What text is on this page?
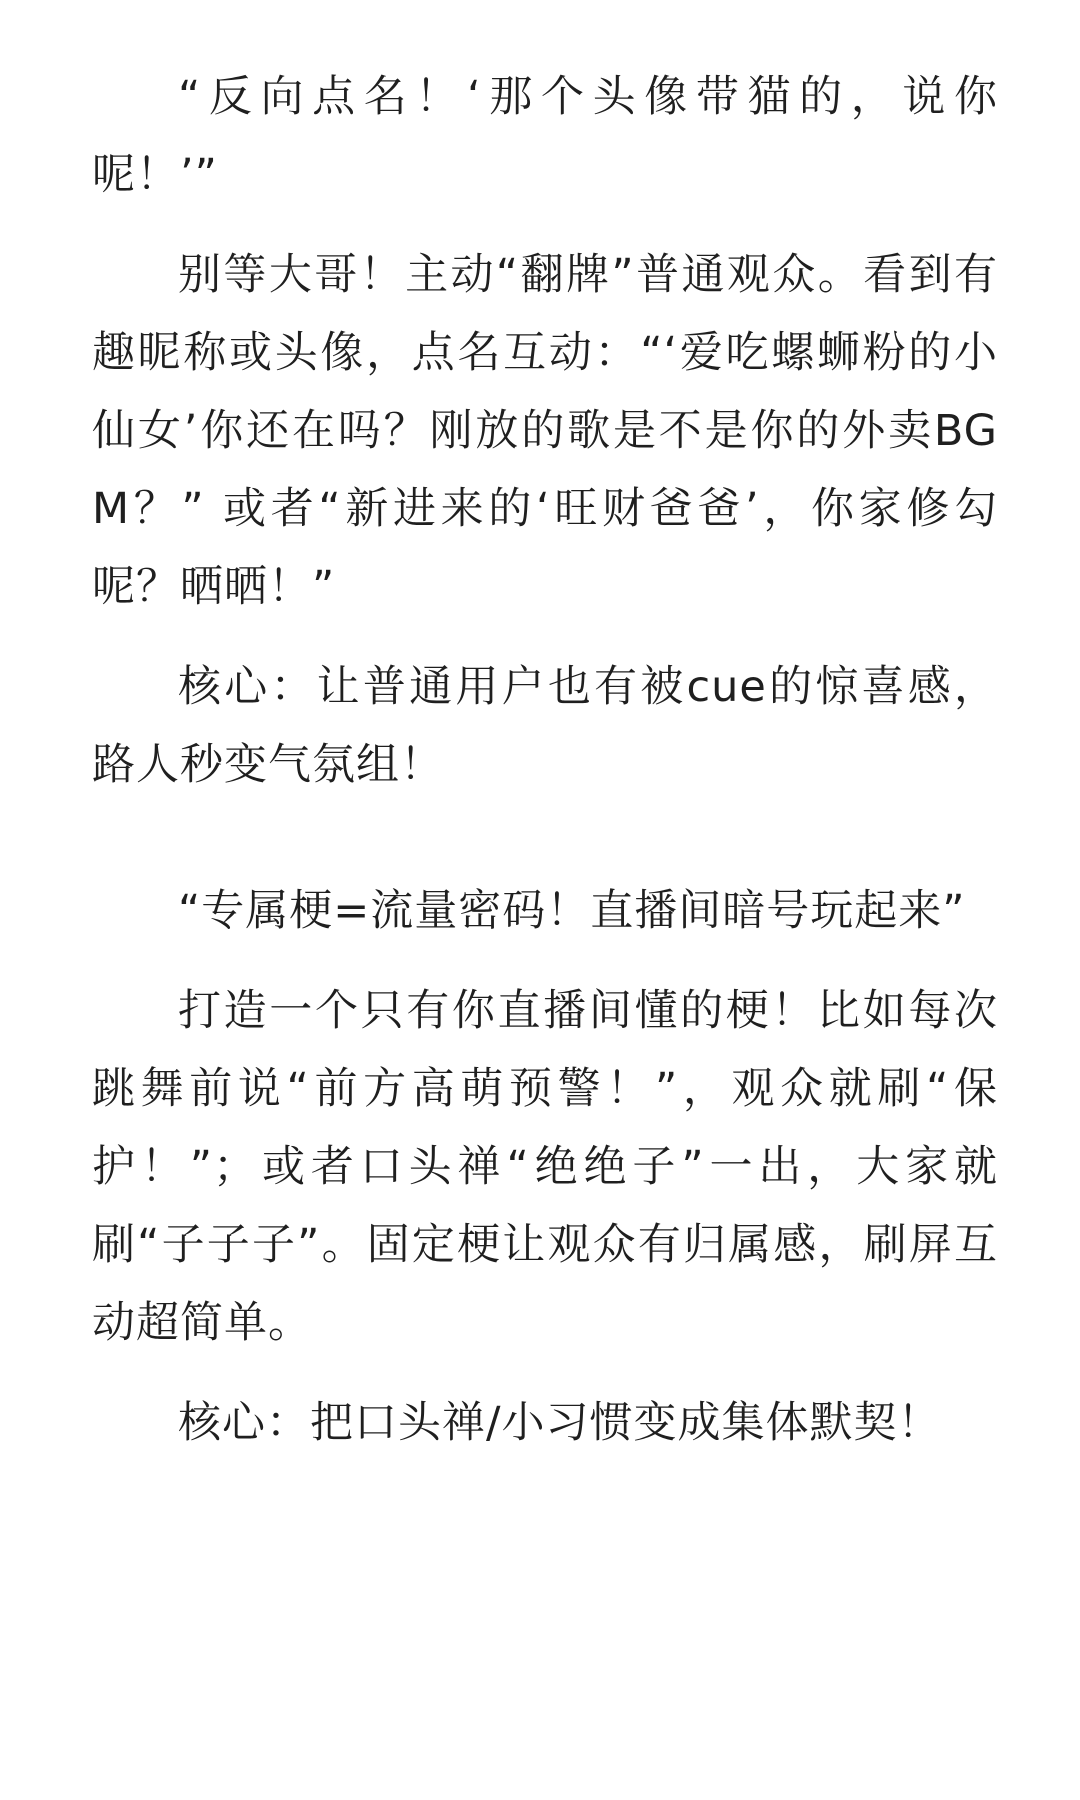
“反向点名！‘那个头像带猫的，说你呢！’”

别等大哥！主动“翻牌”普通观众。看到有趣昵称或头像，点名互动：“‘爱吃螺蛳粉的小仙女’你还在吗？刚放的歌是不是你的外卖BGM？” 或者“新进来的‘旺财爸爸’，你家修勾呢？晒晒！”

核心：让普通用户也有被cue的惊喜感，路人秒变气氛组！

“专属梗=流量密码！直播间暗号玩起来”

打造一个只有你直播间懂的梗！比如每次跳舞前说“前方高萌预警！”，观众就刷“保护！”；或者口头禅“绝绝子”一出，大家就刷“子子子”。固定梗让观众有归属感，刷屏互动超简单。

核心：把口头禅/小习惯变成集体默契！
